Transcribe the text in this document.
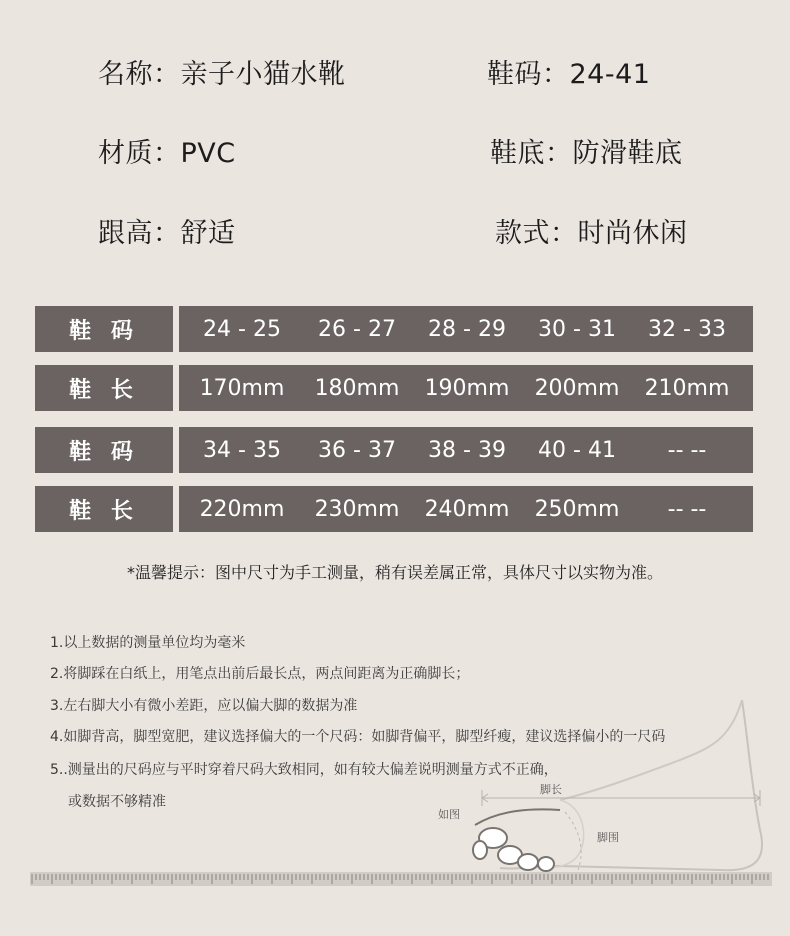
名称：亲子小猫水靴	鞋码：24-41
材质：PVC	鞋底：防滑鞋底
跟高：舒适	款式：时尚休闲
鞋 码	24 - 25	26 - 27	28 - 29	30 - 31	32 - 33
鞋 长	170mm	180mm	190mm	200mm	210mm
鞋 码	34 - 35	36 - 37	38 - 39	40 - 41	-- --
鞋 长	220mm	230mm	240mm	250mm	-- --
*温馨提示：图中尺寸为手工测量，稍有误差属正常，具体尺寸以实物为准。
脚长
如图
脚围
1.以上数据的测量单位均为毫米
2.将脚踩在白纸上，用笔点出前后最长点，两点间距离为正确脚长；
3.左右脚大小有微小差距，应以偏大脚的数据为准
4.如脚背高，脚型宽肥，建议选择偏大的一个尺码：如脚背偏平，脚型纤瘦，建议选择偏小的一尺码
5..测量出的尺码应与平时穿着尺码大致相同，如有较大偏差说明测量方式不正确，
或数据不够精准
